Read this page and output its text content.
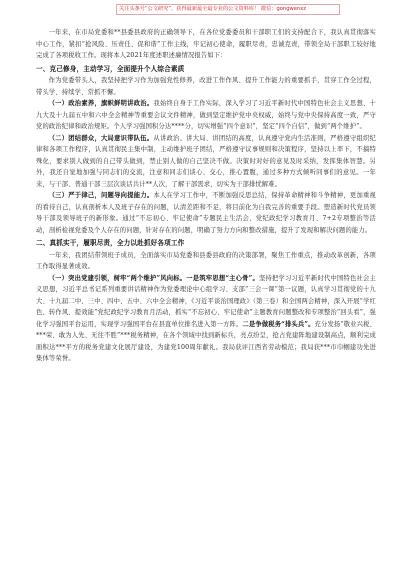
关注头条号“公文研究”，获得最新最全最专业的公文资料库！ 微信：gongwenxz

一年来，在市局党委和**县委县政府的正确领导下，在各位党委委员和干部职工们的支持配合下，我认真贯彻落实中心工作，紧扣“抢风险、压责任、促和谐”工作主线，牢记初心使命，履职尽责，忠诚克责，带领全局干部职工较好地完成了各项税收工作。现将本人2021年度述职述廉情况报告如下：

一、克己修身，主动学习，全面提升个人综合素质

作为党委带头人，我坚持把学习作为加强党性修养，改进工作作风、提升工作能力的重要抓手，贯穿工作全过程，带头学、持续学、常抓不懈。

（一）政治素养，旗帜鲜明讲政治。我始终自身于工作实际，深入学习了习近平新时代中国特色社会主义思想、十九大及十九届五中和六中全会精神等重要会议文件精神，做到坚定维护党中央权威，始终与党中央保持高度一致，严守党的政治纪律和政治规矩。个人学习强国积分达****分，切实增强“四个意识”，坚定“四个自信”，做到“两个维护”。

（二）团结群众，大局意识带队伍。从讲政治、讲大局、讲团结的高度，认真遵守党内生活准则，严格遵守组织纪律和各项工作程序，认真贯彻民主集中制，主动维护班子团结，严格遵守议事规则和决策程序，坚持以上率下，不搞特殊化，要求别人做到的自己带头做到，禁止别人做的自己坚决不做。决策时对好的意见及时采纳，发挥集体智慧。另外，我还自觉地加强与同志们的交流，注意和同志们谈心、交心，推心置腹，通过多种方式倾听同事们的意见。一年来，与干部、普通干部三层次谈话共计**人次，了解干部需求，切实为干部排忧解难。

（三）严于律己，问题导向提能力。本人在学习工作中，不断加强反思总结，保持革命精神和斗争精神，更加重视的看待自己，认真剖析本人及班子存在的问题，认清差距和不足，将目前化为自我完善的重要手段。塑造新时代党员领导干部及领导班子的新形象。通过“不忘初心、牢记使命”专题民主生活会、党纪政纪学习教育月、7+2专项整治等活动，剖析检视党委及个人存在的问题，针对存在的问题，明确了努力方向和整改措施，提升了发现和解决问题的能力。

二、真抓实干，履职尽责，全力以赴抓好各项工作

一年来，我团结带领班子成员，全面落实市局党委和县委县政府的决策部署，聚焦工作重点，推动改革创新，各项工作取得显著成效。

（一）突出党建引领，树牢“两个维护”风向标。一是筑牢思想“主心骨”。坚持把学习习近平新时代中国特色社会主义思想，习近平总书记系列重要讲话精神作为党委理论中心组学习、支部“三会一课”第一议题，认真学习贯彻党的十九大、十九届二中、三中、四中、五中、六中全会精神，《习近平谈治国理政》（第三卷）和全国两会精神，深入开展“学红色、转作风、提效能”党纪政纪学习教育月活动，抓实“不忘初心、牢记使命”主题教育问题整改和专项整治“回头看”，强化学习强国平台运用，实现学习强国平台在县直单位排名进入第一方阵。二是争做税务“排头兵”。充分发扬“敬业兴税、***荣、敢为人先、无往不胜”***税务精神，在各个领域中找到新标兵，亮点纷呈，抢占党建阵地建设制高点，顺利完成面积达***平方的税务党建文化展厅建设，为建党100周年献礼。我局获评江西省劳动模范；我局获***市巾帼建功先进集体等荣誉。
